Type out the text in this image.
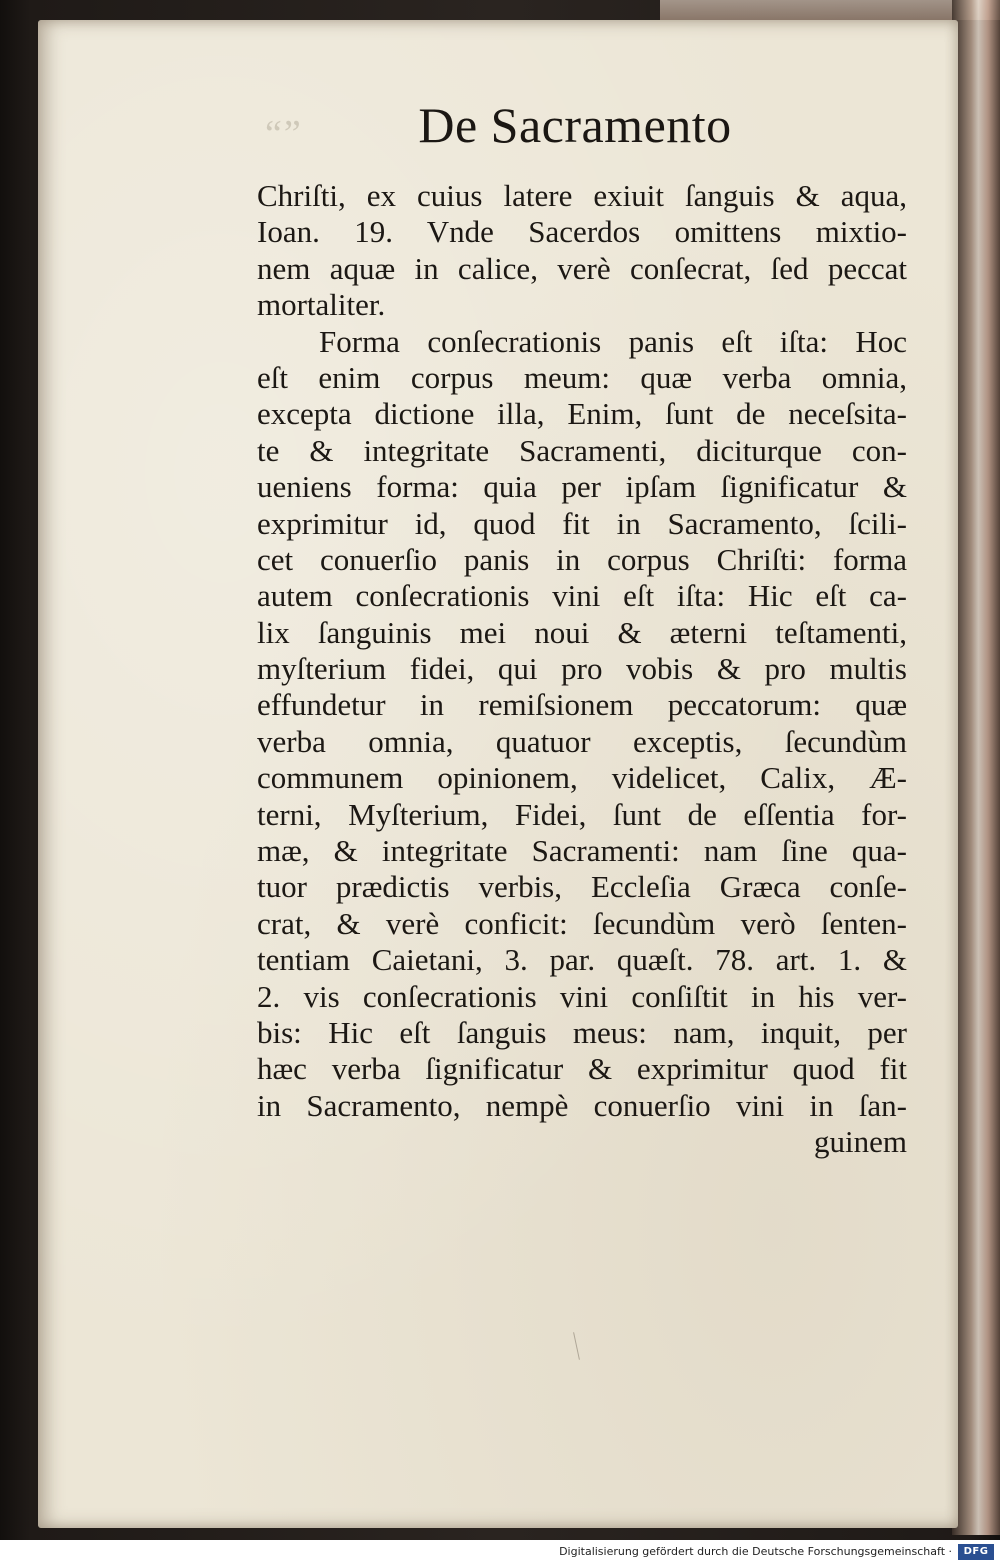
“”	De Sacramento
Chriſti, ex cuius latere exiuit ſanguis & aqua,
Ioan. 19. Vnde Sacerdos omittens mixtio-
nem aquæ in calice, verè conſecrat, ſed peccat
mortaliter.
Forma conſecrationis panis eſt iſta: Hoc
eſt enim corpus meum: quæ verba omnia,
excepta dictione illa, Enim, ſunt de neceſsita-
te & integritate Sacramenti, diciturque con-
ueniens forma: quia per ipſam ſignificatur &
exprimitur id, quod fit in Sacramento, ſcili-
cet conuerſio panis in corpus Chriſti: forma
autem conſecrationis vini eſt iſta: Hic eſt ca-
lix ſanguinis mei noui & æterni teſtamenti,
myſterium fidei, qui pro vobis & pro multis
effundetur in remiſsionem peccatorum: quæ
verba omnia, quatuor exceptis, ſecundùm
communem opinionem, videlicet, Calix, Æ-
terni, Myſterium, Fidei, ſunt de eſſentia for-
mæ, & integritate Sacramenti: nam ſine qua-
tuor prædictis verbis, Eccleſia Græca conſe-
crat, & verè conficit: ſecundùm verò ſenten-
tentiam Caietani, 3. par. quæſt. 78. art. 1. &
2. vis conſecrationis vini conſiſtit in his ver-
bis: Hic eſt ſanguis meus: nam, inquit, per
hæc verba ſignificatur & exprimitur quod fit
in Sacramento, nempè conuerſio vini in ſan-
guinem
Digitalisierung gefördert durch die Deutsche Forschungsgemeinschaft ·	DFG
